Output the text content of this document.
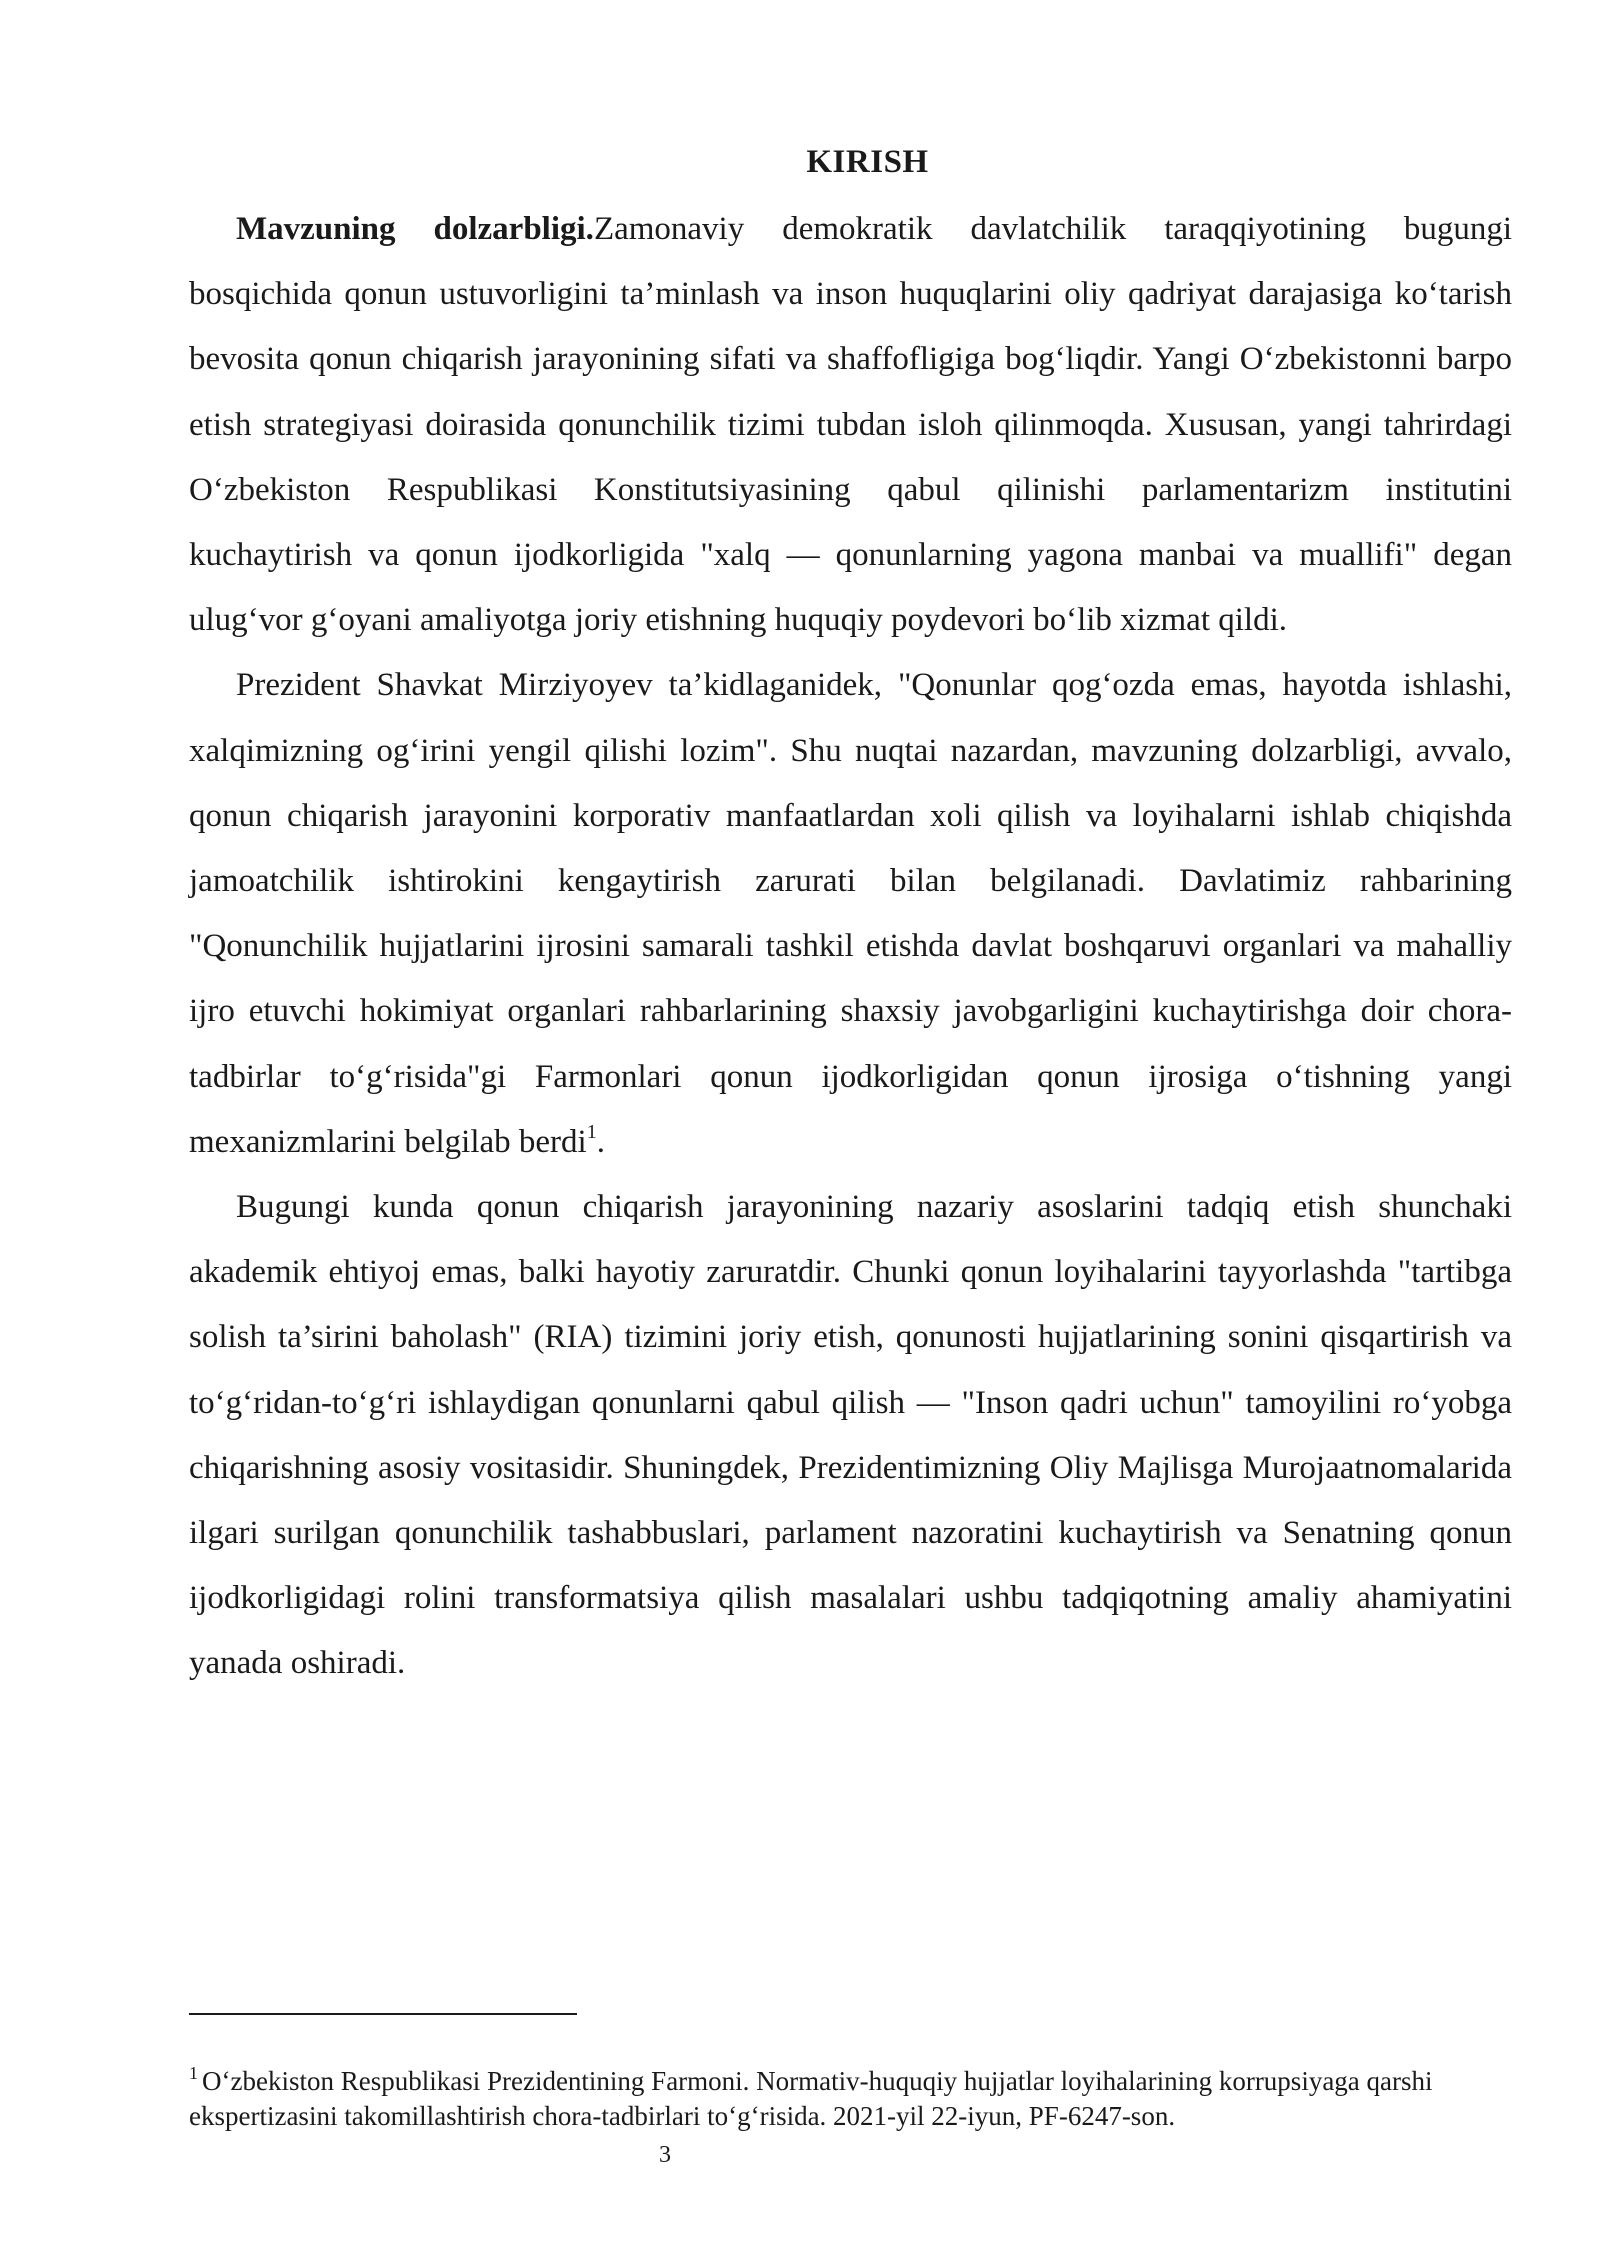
KIRISH

Mavzuning dolzarbligi.Zamonaviy demokratik davlatchilik taraqqiyotining bugungi bosqichida qonun ustuvorligini ta’minlash va inson huquqlarini oliy qadriyat darajasiga koʻtarish bevosita qonun chiqarish jarayonining sifati va shaffofligiga bogʻliqdir. Yangi Oʻzbekistonni barpo etish strategiyasi doirasida qonunchilik tizimi tubdan isloh qilinmoqda. Xususan, yangi tahrirdagi Oʻzbekiston Respublikasi Konstitutsiyasining qabul qilinishi parlamentarizm institutini kuchaytirish va qonun ijodkorligida "xalq — qonunlarning yagona manbai va muallifi" degan ulugʻvor gʻoyani amaliyotga joriy etishning huquqiy poydevori boʻlib xizmat qildi.

Prezident Shavkat Mirziyoyev ta’kidlaganidek, "Qonunlar qogʻozda emas, hayotda ishlashi, xalqimizning ogʻirini yengil qilishi lozim". Shu nuqtai nazardan, mavzuning dolzarbligi, avvalo, qonun chiqarish jarayonini korporativ manfaatlardan xoli qilish va loyihalarni ishlab chiqishda jamoatchilik ishtirokini kengaytirish zarurati bilan belgilanadi. Davlatimiz rahbarining "Qonunchilik hujjatlarini ijrosini samarali tashkil etishda davlat boshqaruvi organlari va mahalliy ijro etuvchi hokimiyat organlari rahbarlarining shaxsiy javobgarligini kuchaytirishga doir chora-tadbirlar toʻgʻrisida"gi Farmonlari qonun ijodkorligidan qonun ijrosiga oʻtishning yangi mexanizmlarini belgilab berdi$^1$.

Bugungi kunda qonun chiqarish jarayonining nazariy asoslarini tadqiq etish shunchaki akademik ehtiyoj emas, balki hayotiy zaruratdir. Chunki qonun loyihalarini tayyorlashda "tartibga solish ta’sirini baholash" (RIA) tizimini joriy etish, qonunosti hujjatlarining sonini qisqartirish va toʻgʻridan-toʻgʻri ishlaydigan qonunlarni qabul qilish — "Inson qadri uchun" tamoyilini roʻyobga chiqarishning asosiy vositasidir. Shuningdek, Prezidentimizning Oliy Majlisga Murojaatnomalarida ilgari surilgan qonunchilik tashabbuslari, parlament nazoratini kuchaytirish va Senatning qonun ijodkorligidagi rolini transformatsiya qilish masalalari ushbu tadqiqotning amaliy ahamiyatini yanada oshiradi.

$^1$ Oʻzbekiston Respublikasi Prezidentining Farmoni. Normativ-huquqiy hujjatlar loyihalarining korrupsiyaga qarshi ekspertizasini takomillashtirish chora-tadbirlari toʻgʻrisida. 2021-yil 22-iyun, PF-6247-son.

3
